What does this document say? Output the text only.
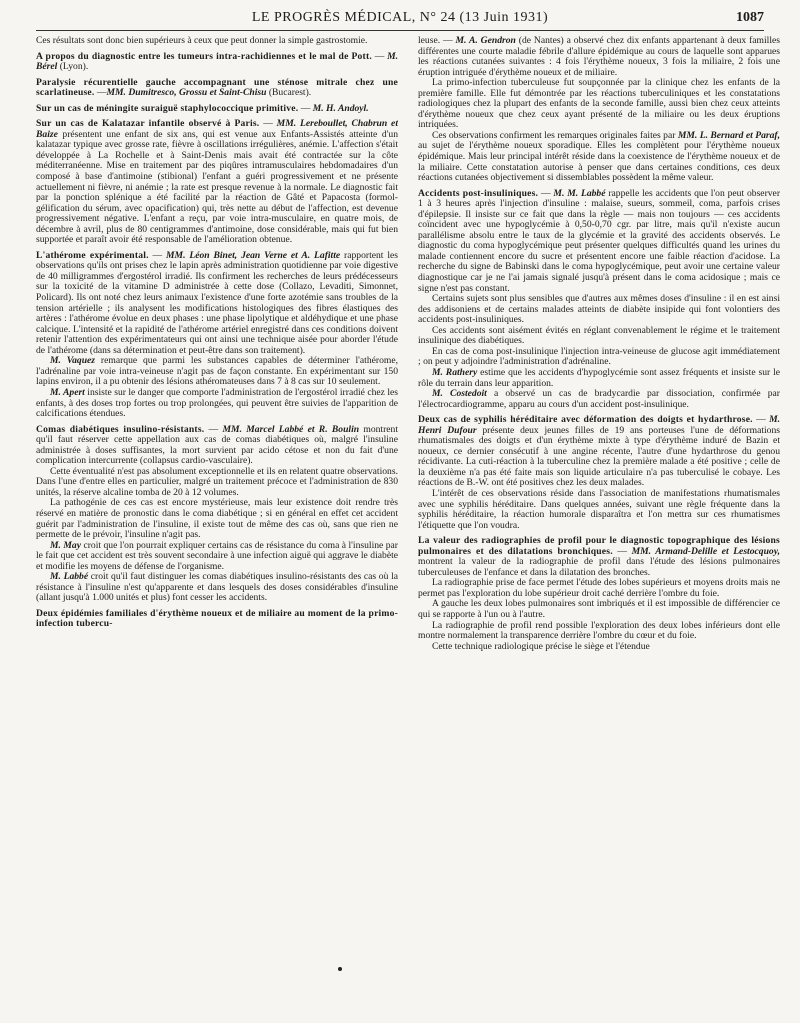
LE PROGRÈS MÉDICAL, N° 24 (13 Juin 1931)	1087

Ces résultats sont donc bien supérieurs à ceux que peut donner la simple gastrostomie.

A propos du diagnostic entre les tumeurs intra-rachidiennes et le mal de Pott. — M. Bérel (Lyon).

Paralysie récurentielle gauche accompagnant une sténose mitrale chez une scarlatineuse. —MM. Dumitresco, Grossu et Saint-Chisu (Bucarest).

Sur un cas de méningite suraiguë staphylococcique primitive. — M. H. Andoyl.

Sur un cas de Kalatazar infantile observé à Paris. — MM. Lereboullet, Chabrun et Baize présentent une enfant de six ans, qui est venue aux Enfants-Assistés atteinte d'un kalatazar typique avec grosse rate, fièvre à oscillations irrégulières, anémie. L'affection s'était développée à La Rochelle et à Saint-Denis mais avait été contractée sur la côte méditerranéenne. Mise en traitement par des piqûres intramusculaires hebdomadaires d'un composé à base d'antimoine (stibional) l'enfant a guéri progressivement et ne présente actuellement ni fièvre, ni anémie ; la rate est presque revenue à la normale. Le diagnostic fait par la ponction splénique a été facilité par la réaction de Gâté et Papacosta (formol-gélification du sérum, avec opacification) qui, très nette au début de l'affection, est devenue progressivement négative. L'enfant a reçu, par voie intra-musculaire, en quatre mois, de décembre à avril, plus de 80 centigrammes d'antimoine, dose considérable, mais qui fut bien supportée et paraît avoir été responsable de l'amélioration obtenue.

L'athérome expérimental. — MM. Léon Binet, Jean Verne et A. Lafitte rapportent les observations qu'ils ont prises chez le lapin après administration quotidienne par voie digestive de 40 milligrammes d'ergostérol irradié. Ils confirment les recherches de leurs prédécesseurs sur la toxicité de la vitamine D administrée à cette dose (Collazo, Levaditi, Simonnet, Policard). Ils ont noté chez leurs animaux l'existence d'une forte azotémie sans troubles de la tension artérielle ; ils analysent les modifications histologiques des fibres élastiques des artères : l'athérome évolue en deux phases : une phase lipolytique et aldéhydique et une phase calcique. L'intensité et la rapidité de l'athérome artériel enregistré dans ces conditions doivent retenir l'attention des expérimentateurs qui ont ainsi une technique aisée pour aborder l'étude de l'athérome (dans sa détermination et peut-être dans son traitement).

M. Vaquez remarque que parmi les substances capables de déterminer l'athérome, l'adrénaline par voie intra-veineuse n'agit pas de façon constante. En expérimentant sur 150 lapins environ, il a pu obtenir des lésions athéromateuses dans 7 à 8 cas sur 10 seulement.

M. Apert insiste sur le danger que comporte l'administration de l'ergostérol irradié chez les enfants, à des doses trop fortes ou trop prolongées, qui peuvent être suivies de l'apparition de calcifications étendues.

Comas diabétiques insulino-résistants. — MM. Marcel Labbé et R. Boulin montrent qu'il faut réserver cette appellation aux cas de comas diabétiques où, malgré l'insuline administrée à doses suffisantes, la mort survient par acido cétose et non du fait d'une complication intercurrente (collapsus cardio-vasculaire).

Cette éventualité n'est pas absolument exceptionnelle et ils en relatent quatre observations. Dans l'une d'entre elles en particulier, malgré un traitement précoce et l'administration de 830 unités, la réserve alcaline tomba de 20 à 12 volumes.

La pathogénie de ces cas est encore mystérieuse, mais leur existence doit rendre très réservé en matière de pronostic dans le coma diabétique ; si en général en effet cet accident guérit par l'administration de l'insuline, il existe tout de même des cas où, sans que rien ne permette de le prévoir, l'insuline n'agit pas.

M. May croit que l'on pourrait expliquer certains cas de résistance du coma à l'insuline par le fait que cet accident est très souvent secondaire à une infection aiguë qui aggrave le diabète et modifie les moyens de défense de l'organisme.

M. Labbé croit qu'il faut distinguer les comas diabétiques insulino-résistants des cas où la résistance à l'insuline n'est qu'apparente et dans lesquels des doses considérables d'insuline (allant jusqu'à 1.000 unités et plus) font cesser les accidents.

Deux épidémies familiales d'érythème noueux et de miliaire au moment de la primo-infection tubercu-

leuse. — M. A. Gendron (de Nantes) a observé chez dix enfants appartenant à deux familles différentes une courte maladie fébrile d'allure épidémique au cours de laquelle sont apparues les réactions cutanées suivantes : 4 fois l'érythème noueux, 3 fois la miliaire, 2 fois une éruption intriguée d'érythème noueux et de miliaire.

La primo-infection tuberculeuse fut soupçonnée par la clinique chez les enfants de la première famille. Elle fut démontrée par les réactions tuberculiniques et les constatations radiologiques chez la plupart des enfants de la seconde famille, aussi bien chez ceux atteints d'érythème noueux que chez ceux ayant présenté de la miliaire ou les deux éruptions intriquées.

Ces observations confirment les remarques originales faites par MM. L. Bernard et Paraf, au sujet de l'érythème noueux sporadique. Elles les complètent pour l'érythème noueux épidémique. Mais leur principal intérêt réside dans la coexistence de l'érythème noueux et de la miliaire. Cette constatation autorise à penser que dans certaines conditions, ces deux réactions cutanées objectivement si dissemblables possèdent la même valeur.

Accidents post-insuliniques. — M. M. Labbé rappelle les accidents que l'on peut observer 1 à 3 heures après l'injection d'insuline : malaise, sueurs, sommeil, coma, parfois crises d'épilepsie. Il insiste sur ce fait que dans la règle — mais non toujours — ces accidents coïncident avec une hypoglycémie à 0,50-0,70 cgr. par litre, mais qu'il n'existe aucun parallélisme absolu entre le taux de la glycémie et la gravité des accidents observés. Le diagnostic du coma hypoglycémique peut présenter quelques difficultés quand les urines du malade contiennent encore du sucre et présentent encore une faible réaction d'acidose. La recherche du signe de Babinski dans le coma hypoglycémique, peut avoir une certaine valeur diagnostique car je ne l'ai jamais signalé jusqu'à présent dans le coma acidosique ; mais ce signe n'est pas constant.

Certains sujets sont plus sensibles que d'autres aux mêmes doses d'insuline : il en est ainsi des addisoniens et de certains malades atteints de diabète insipide qui font volontiers des accidents post-insuliniques.

Ces accidents sont aisément évités en réglant convenablement le régime et le traitement insulinique des diabétiques.

En cas de coma post-insulinique l'injection intra-veineuse de glucose agit immédiatement ; on peut y adjoindre l'administration d'adrénaline.

M. Rathery estime que les accidents d'hypoglycémie sont assez fréquents et insiste sur le rôle du terrain dans leur apparition.

M. Costedoit a observé un cas de bradycardie par dissociation, confirmée par l'électrocardiogramme, apparu au cours d'un accident post-insulinique.

Deux cas de syphilis héréditaire avec déformation des doigts et hydarthrose. — M. Henri Dufour présente deux jeunes filles de 19 ans porteuses l'une de déformations rhumatismales des doigts et d'un érythème mixte à type d'érythème induré de Bazin et noueux, ce dernier consécutif à une angine récente, l'autre d'une hydarthrose du genou récidivante. La cuti-réaction à la tuberculine chez la première malade a été positive ; celle de la deuxième n'a pas été faite mais son liquide articulaire n'a pas tuberculisé le cobaye. Les réactions de B.-W. ont été positives chez les deux malades.

L'intérêt de ces observations réside dans l'association de manifestations rhumatismales avec une syphilis héréditaire. Dans quelques années, suivant une règle fréquente dans la syphilis héréditaire, la réaction humorale disparaîtra et l'on mettra sur ces rhumatismes l'étiquette que l'on voudra.

La valeur des radiographies de profil pour le diagnostic topographique des lésions pulmonaires et des dilatations bronchiques. — MM. Armand-Delille et Lestocquoy, montrent la valeur de la radiographie de profil dans l'étude des lésions pulmonaires tuberculeuses de l'enfance et dans la dilatation des bronches.

La radiographie prise de face permet l'étude des lobes supérieurs et moyens droits mais ne permet pas l'exploration du lobe supérieur droit caché derrière l'ombre du foie.

A gauche les deux lobes pulmonaires sont imbriqués et il est impossible de différencier ce qui se rapporte à l'un ou à l'autre.

La radiographie de profil rend possible l'exploration des deux lobes inférieurs dont elle montre normalement la transparence derrière l'ombre du cœur et du foie.

Cette technique radiologique précise le siège et l'étendue
